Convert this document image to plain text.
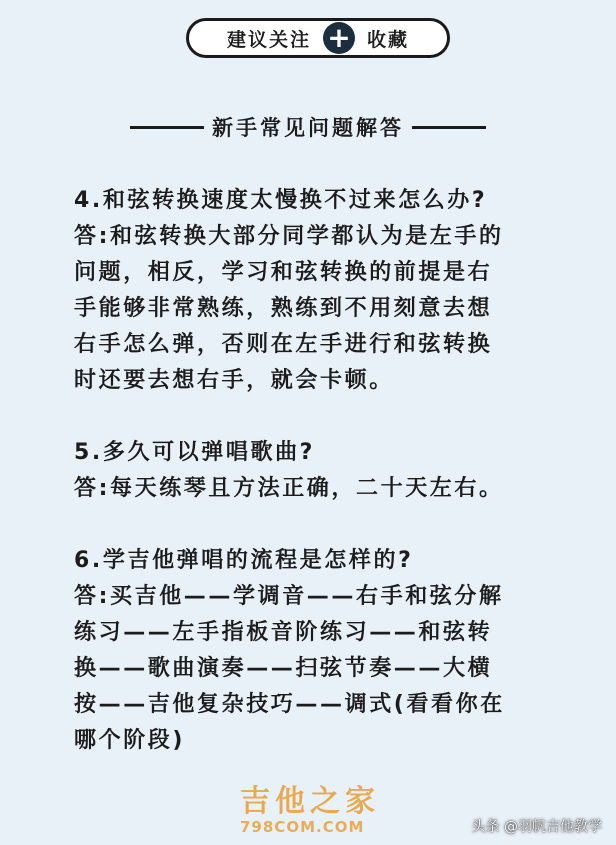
建议关注 + 收藏
新手常见问题解答

4.和弦转换速度太慢换不过来怎么办?

答:和弦转换大部分同学都认为是左手的

问题，相反，学习和弦转换的前提是右

手能够非常熟练，熟练到不用刻意去想

右手怎么弹，否则在左手进行和弦转换

时还要去想右手，就会卡顿。

5.多久可以弹唱歌曲?

答:每天练琴且方法正确，二十天左右。

6.学吉他弹唱的流程是怎样的?

答:买吉他——学调音——右手和弦分解

练习——左手指板音阶练习——和弦转

换——歌曲演奏——扫弦节奏——大横

按——吉他复杂技巧——调式(看看你在

哪个阶段)

吉他之家
798COM.COM	头条 @羽帆吉他教学
